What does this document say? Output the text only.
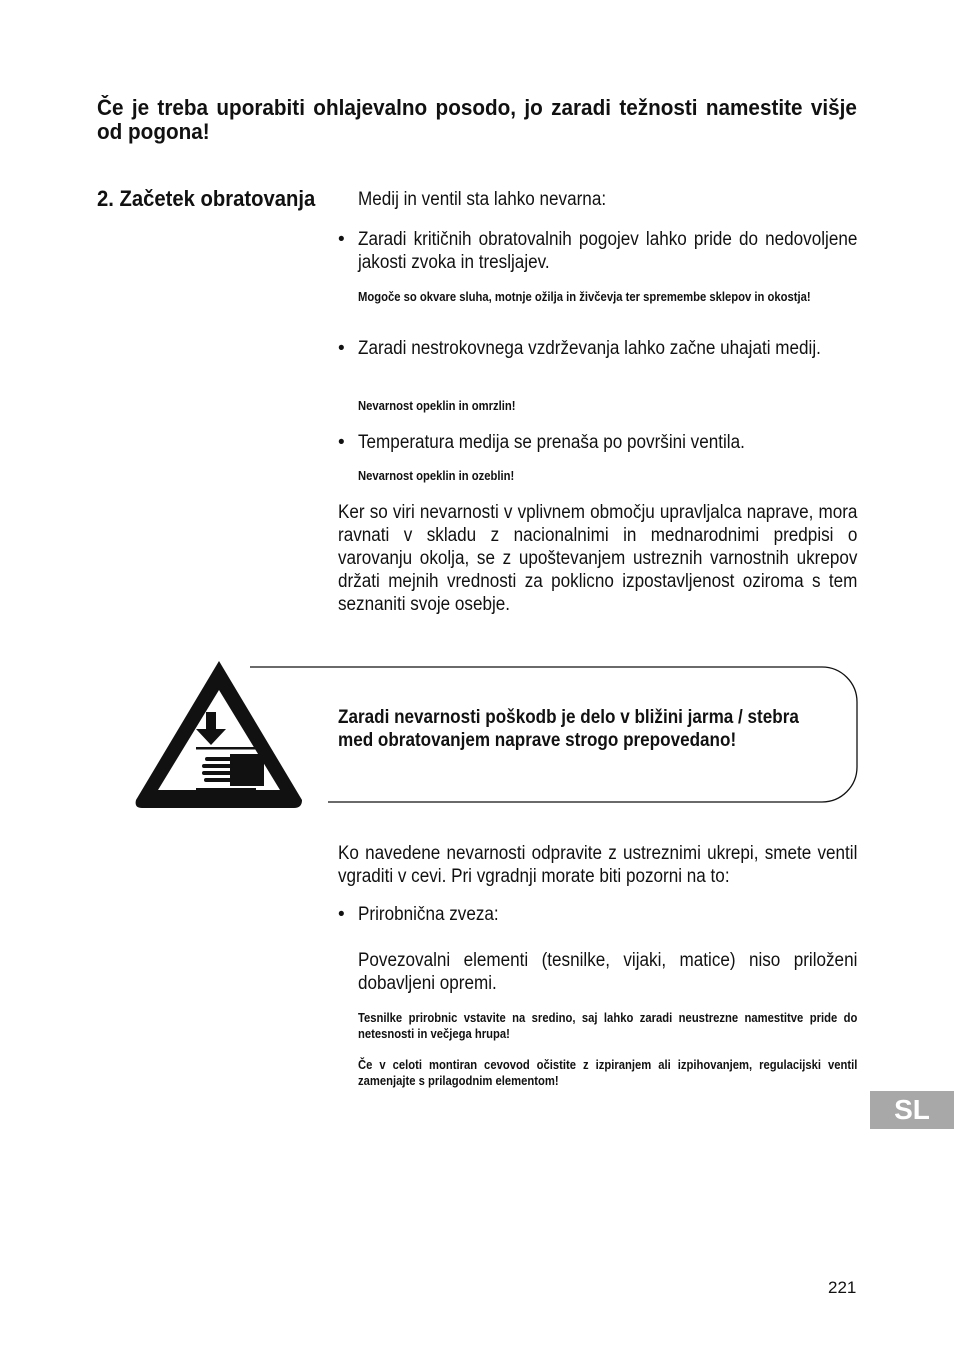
Če je treba uporabiti ohlajevalno posodo, jo zaradi težnosti namestite višje od pogona!
2. Začetek obratovanja Medij in ventil sta lahko nevarna:
• Zaradi kritičnih obratovalnih pogojev lahko pride do nedovoljene jakosti zvoka in tresljajev.
Mogoče so okvare sluha, motnje ožilja in živčevja ter spremembe sklepov in okostja!
• Zaradi nestrokovnega vzdrževanja lahko začne uhajati medij.
Nevarnost opeklin in omrzlin!
• Temperatura medija se prenaša po površini ventila.
Nevarnost opeklin in ozeblin!
Ker so viri nevarnosti v vplivnem območju upravljalca naprave, mora ravnati v skladu z nacionalnimi in mednarodnimi predpisi o varovanju okolja, se z upoštevanjem ustreznih varnostnih ukrepov držati mejnih vrednosti za poklicno izpostavljenost oziroma s tem seznaniti svoje osebje.
Zaradi nevarnosti poškodb je delo v bližini jarma / stebra med obratovanjem naprave strogo prepovedano!
Ko navedene nevarnosti odpravite z ustreznimi ukrepi, smete ventil vgraditi v cevi. Pri vgradnji morate biti pozorni na to:
• Prirobnična zveza:
Povezovalni elementi (tesnilke, vijaki, matice) niso priloženi dobavljeni opremi.
Tesnilke prirobnic vstavite na sredino, saj lahko zaradi neustrezne namestitve pride do netesnosti in večjega hrupa!
Če v celoti montiran cevovod očistite z izpiranjem ali izpihovanjem, regulacijski ventil zamenjajte s prilagodnim elementom!
SL
221
